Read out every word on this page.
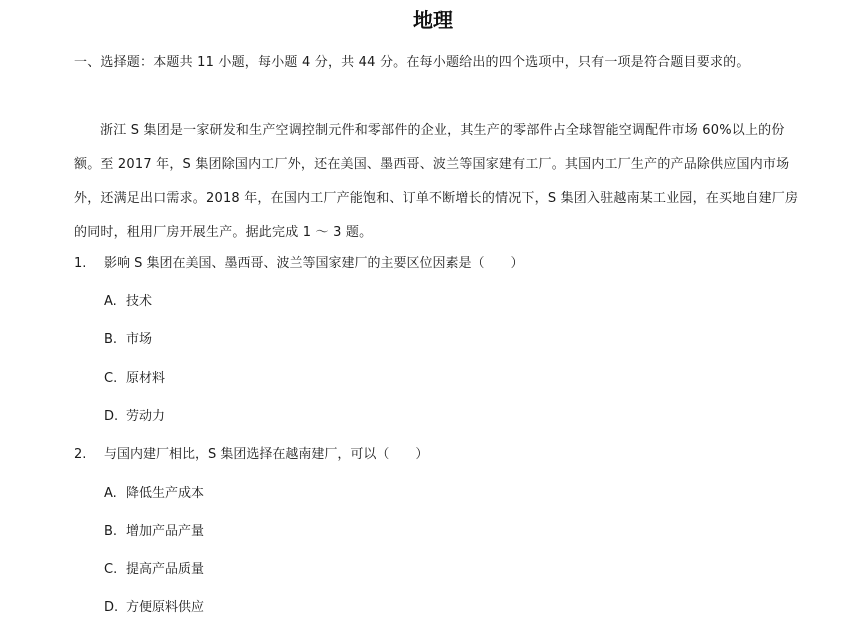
地理
一、选择题：本题共 11 小题，每小题 4 分，共 44 分。在每小题给出的四个选项中，只有一项是符合题目要求的。
浙江 S 集团是一家研发和生产空调控制元件和零部件的企业，其生产的零部件占全球智能空调配件市场 60%以上的份额。至 2017 年，S 集团除国内工厂外，还在美国、墨西哥、波兰等国家建有工厂。其国内工厂生产的产品除供应国内市场外，还满足出口需求。2018 年，在国内工厂产能饱和、订单不断增长的情况下，S 集团入驻越南某工业园，在买地自建厂房的同时，租用厂房开展生产。据此完成 1 ～ 3 题。
1. 影响 S 集团在美国、墨西哥、波兰等国家建厂的主要区位因素是（　　）
A. 技术
B. 市场
C. 原材料
D. 劳动力
2. 与国内建厂相比，S 集团选择在越南建厂，可以（　　）
A. 降低生产成本
B. 增加产品产量
C. 提高产品质量
D. 方便原料供应
